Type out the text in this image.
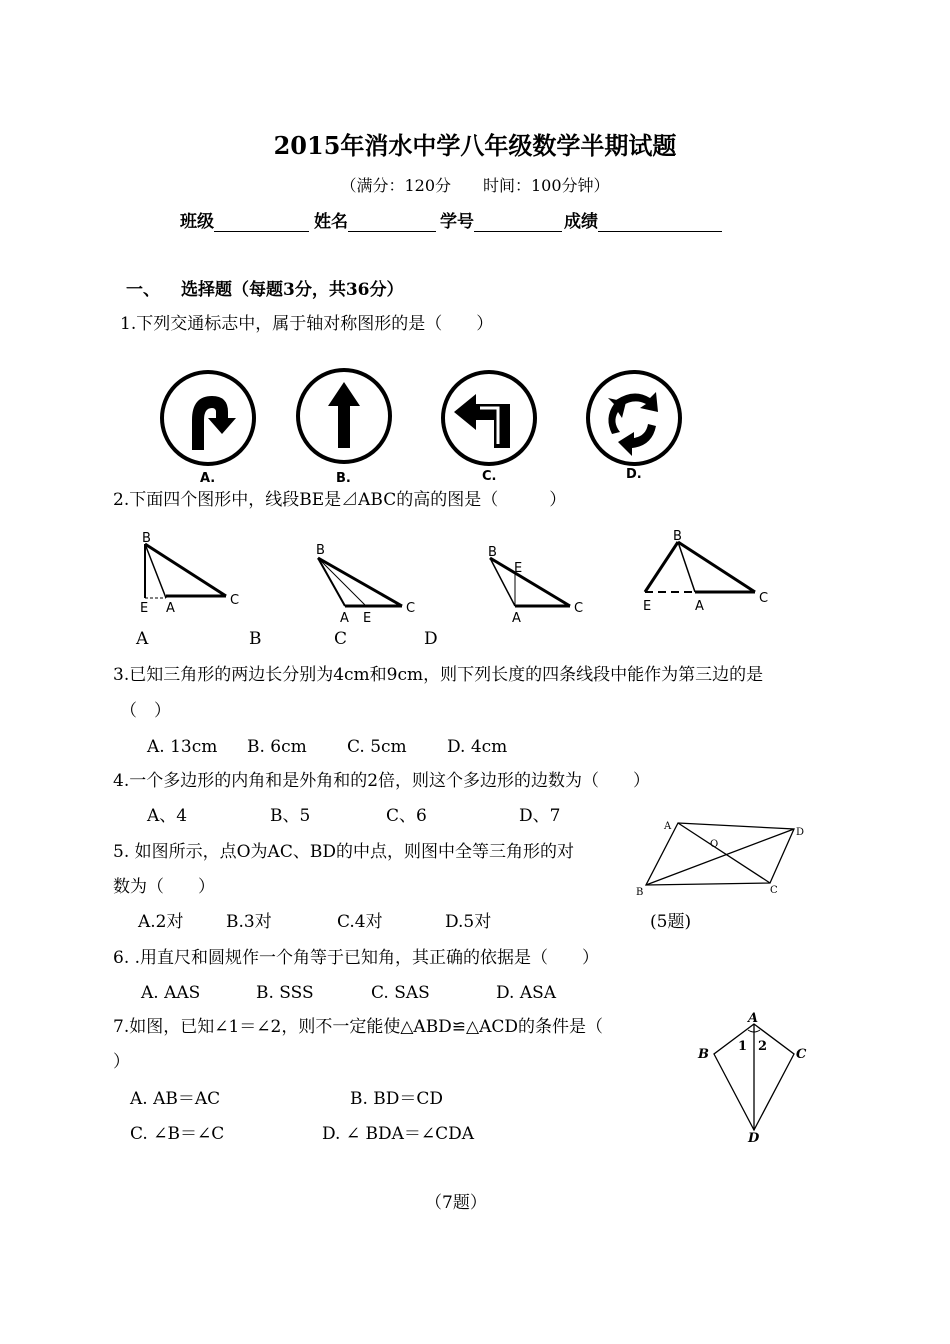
2015年消水中学八年级数学半期试题
（满分：120分　　时间：100分钟）
班级	姓名	学号	成绩
一、 选择题（每题3分，共36分）
1.下列交通标志中，属于轴对称图形的是（　　）
A.	B.	C.	D.
2.下面四个图形中，线段BE是⊿ABC的高的图是（　　　）
B
E A
C
B
A E
C
B
E
A
C
B
E	A
C
A	B	C	D
3.已知三角形的两边长分别为4cm和9cm，则下列长度的四条线段中能作为第三边的是
（　）
A. 13cm B. 6cm C. 5cm D. 4cm
4.一个多边形的内角和是外角和的2倍，则这个多边形的边数为（　　）
A、4	B、5	C、6	D、7
5. 如图所示，点O为AC、BD的中点，则图中全等三角形的对
数为（　　）
A.2对	B.3对	C.4对	D.5对	(5题)
A
D
O
B	C
6. .用直尺和圆规作一个角等于已知角，其正确的依据是（　　）
A. AAS	B. SSS	C. SAS	D. ASA
7.如图，已知∠1＝∠2，则不一定能使△ABD≌△ACD的条件是（
）
A. AB＝AC	B. BD＝CD
C. ∠B＝∠C	D. ∠ BDA＝∠CDA
A
B	C
D
1 2
（7题）
